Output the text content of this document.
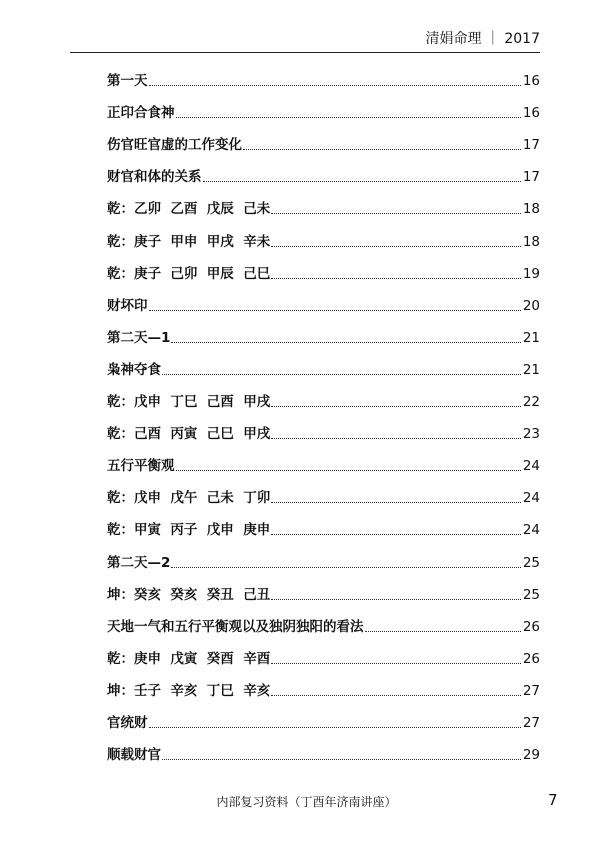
清娟命理 ｜ 2017
第一天	16
正印合食神	16
伤官旺官虚的工作变化	17
财官和体的关系	17
乾：乙卯  乙酉  戊辰  己未	18
乾：庚子  甲申  甲戌  辛未	18
乾：庚子  己卯  甲辰  己巳	19
财坏印	20
第二天—1	21
枭神夺食	21
乾：戊申  丁巳  己酉  甲戌	22
乾：己酉  丙寅  己巳  甲戌	23
五行平衡观	24
乾：戊申  戊午  己未  丁卯	24
乾：甲寅  丙子  戊申  庚申	24
第二天—2	25
坤：癸亥  癸亥  癸丑  己丑	25
天地一气和五行平衡观以及独阴独阳的看法	26
乾：庚申  戊寅  癸酉  辛酉	26
坤：壬子  辛亥  丁巳  辛亥	27
官统财	27
顺载财官	29
内部复习资料（丁酉年济南讲座）	7
